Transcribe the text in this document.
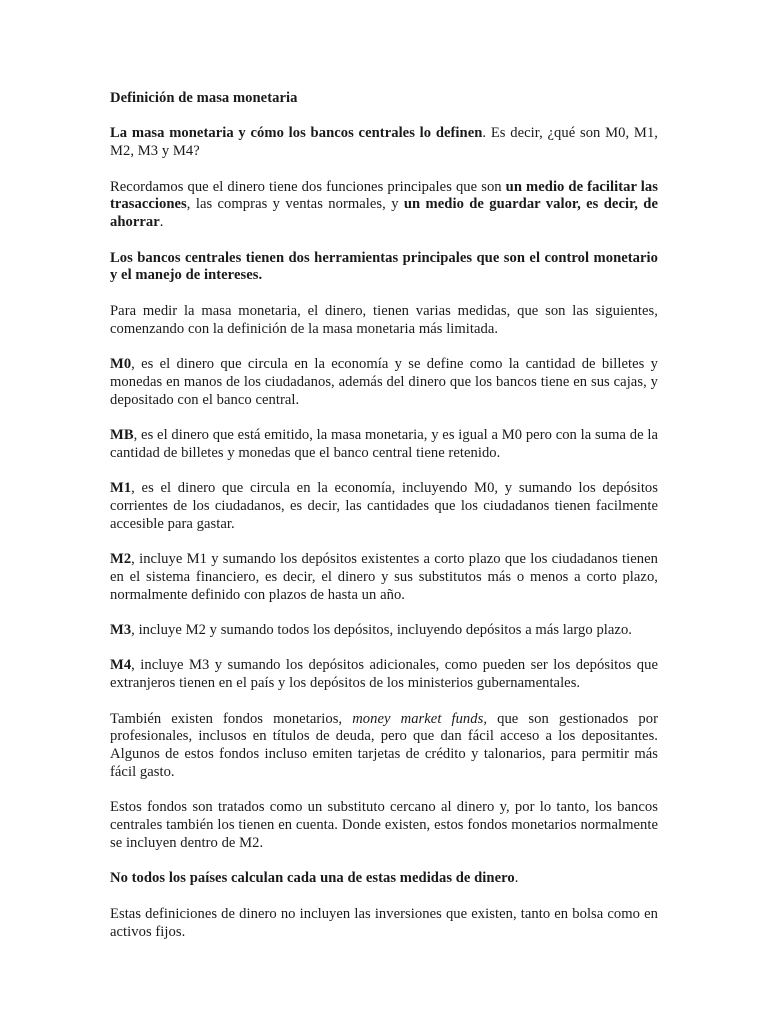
Definición de masa monetaria

La masa monetaria y cómo los bancos centrales lo definen. Es decir, ¿qué son M0, M1, M2, M3 y M4?

Recordamos que el dinero tiene dos funciones principales que son un medio de facilitar las trasacciones, las compras y ventas normales, y un medio de guardar valor, es decir, de ahorrar.

Los bancos centrales tienen dos herramientas principales que son el control monetario y el manejo de intereses.

Para medir la masa monetaria, el dinero, tienen varias medidas, que son las siguientes, comenzando con la definición de la masa monetaria más limitada.

M0, es el dinero que circula en la economía y se define como la cantidad de billetes y monedas en manos de los ciudadanos, además del dinero que los bancos tiene en sus cajas, y depositado con el banco central.

MB, es el dinero que está emitido, la masa monetaria, y es igual a M0 pero con la suma de la cantidad de billetes y monedas que el banco central tiene retenido.

M1, es el dinero que circula en la economía, incluyendo M0, y sumando los depósitos corrientes de los ciudadanos, es decir, las cantidades que los ciudadanos tienen facilmente accesible para gastar.

M2, incluye M1 y sumando los depósitos existentes a corto plazo que los ciudadanos tienen en el sistema financiero, es decir, el dinero y sus substitutos más o menos a corto plazo, normalmente definido con plazos de hasta un año.

M3, incluye M2 y sumando todos los depósitos, incluyendo depósitos a más largo plazo.

M4, incluye M3 y sumando los depósitos adicionales, como pueden ser los depósitos que extranjeros tienen en el país y los depósitos de los ministerios gubernamentales.

También existen fondos monetarios, money market funds, que son gestionados por profesionales, inclusos en títulos de deuda, pero que dan fácil acceso a los depositantes. Algunos de estos fondos incluso emiten tarjetas de crédito y talonarios, para permitir más fácil gasto.

Estos fondos son tratados como un substituto cercano al dinero y, por lo tanto, los bancos centrales también los tienen en cuenta. Donde existen, estos fondos monetarios normalmente se incluyen dentro de M2.

No todos los países calculan cada una de estas medidas de dinero.

Estas definiciones de dinero no incluyen las inversiones que existen, tanto en bolsa como en activos fijos.
